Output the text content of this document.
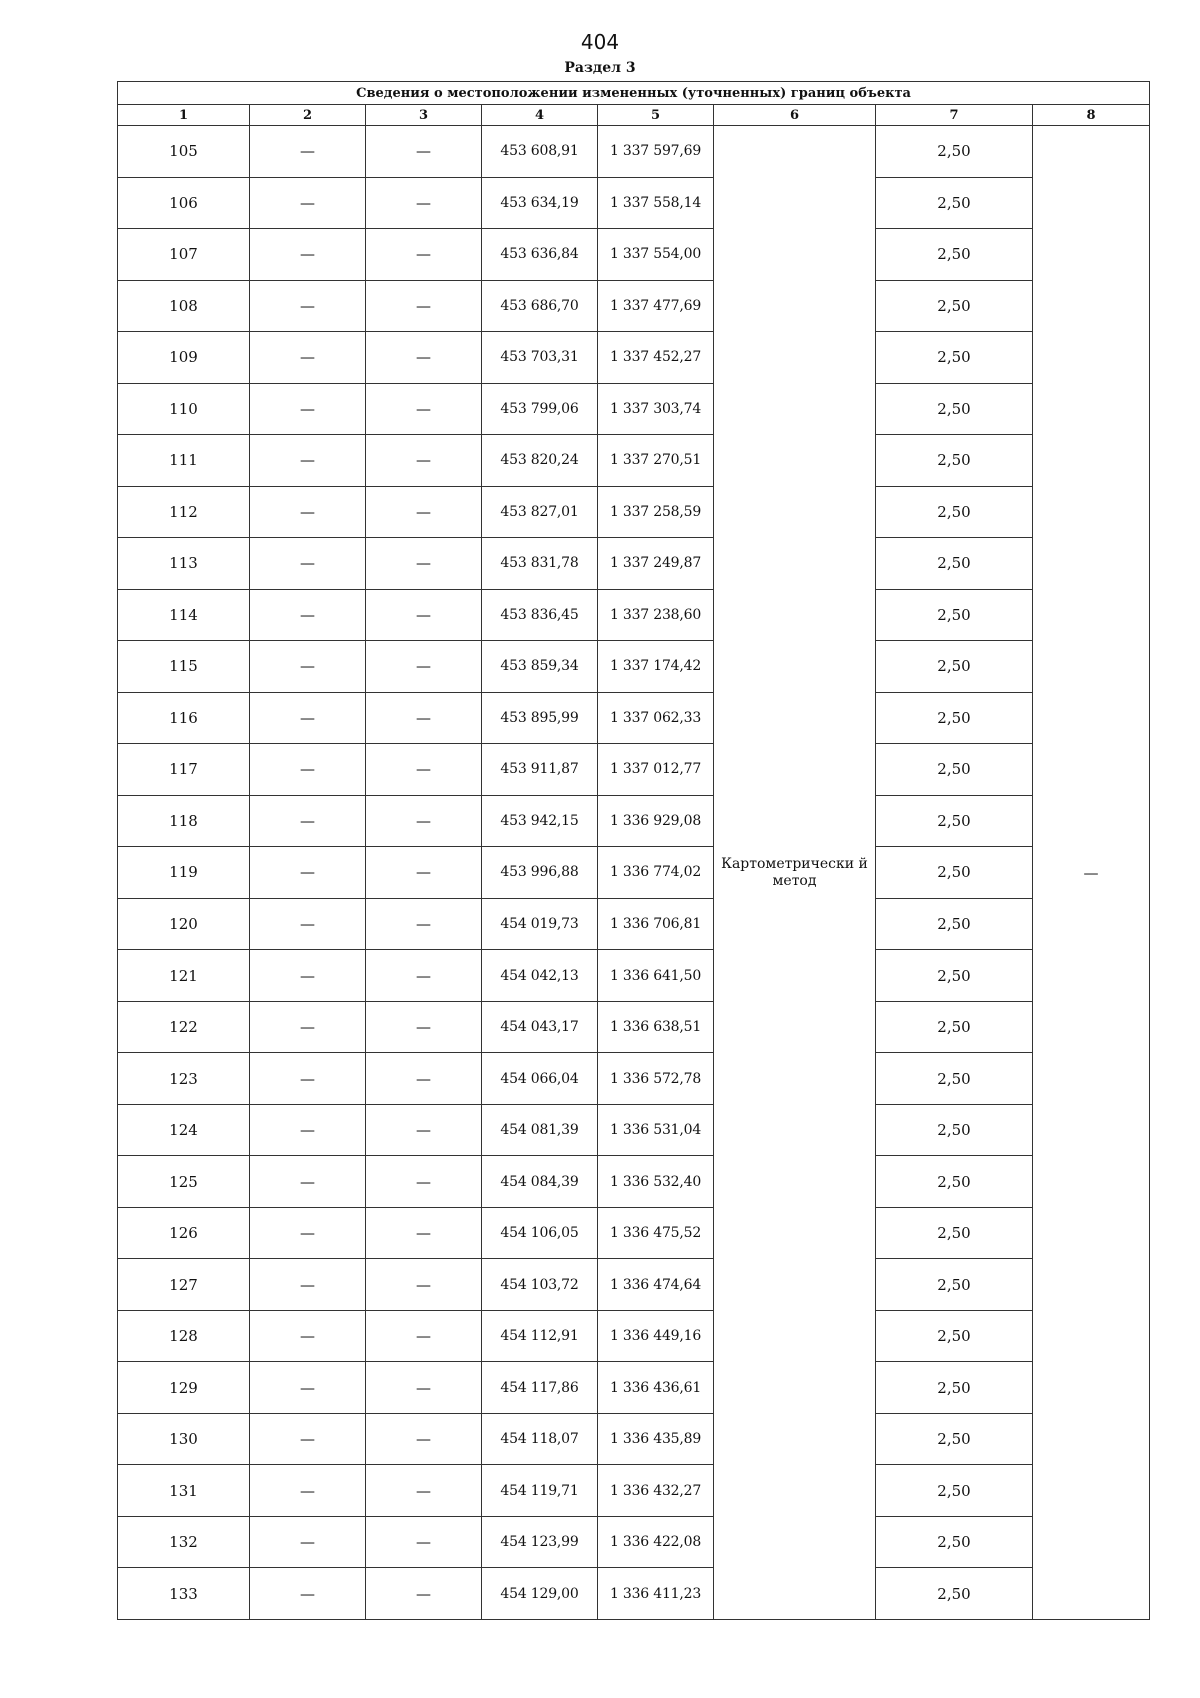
404
Раздел 3
Сведения о местоположении измененных (уточненных) границ объекта							
1	2	3	4	5	6	7	8
105	—	—	453 608,91	1 337 597,69	Картометрически й метод	2,50	—
106	—	—	453 634,19	1 337 558,14		2,50	
107	—	—	453 636,84	1 337 554,00		2,50	
108	—	—	453 686,70	1 337 477,69		2,50	
109	—	—	453 703,31	1 337 452,27		2,50	
110	—	—	453 799,06	1 337 303,74		2,50	
111	—	—	453 820,24	1 337 270,51		2,50	
112	—	—	453 827,01	1 337 258,59		2,50	
113	—	—	453 831,78	1 337 249,87		2,50	
114	—	—	453 836,45	1 337 238,60		2,50	
115	—	—	453 859,34	1 337 174,42		2,50	
116	—	—	453 895,99	1 337 062,33		2,50	
117	—	—	453 911,87	1 337 012,77		2,50	
118	—	—	453 942,15	1 336 929,08		2,50	
119	—	—	453 996,88	1 336 774,02		2,50	
120	—	—	454 019,73	1 336 706,81		2,50	
121	—	—	454 042,13	1 336 641,50		2,50	
122	—	—	454 043,17	1 336 638,51		2,50	
123	—	—	454 066,04	1 336 572,78		2,50	
124	—	—	454 081,39	1 336 531,04		2,50	
125	—	—	454 084,39	1 336 532,40		2,50	
126	—	—	454 106,05	1 336 475,52		2,50	
127	—	—	454 103,72	1 336 474,64		2,50	
128	—	—	454 112,91	1 336 449,16		2,50	
129	—	—	454 117,86	1 336 436,61		2,50	
130	—	—	454 118,07	1 336 435,89		2,50	
131	—	—	454 119,71	1 336 432,27		2,50	
132	—	—	454 123,99	1 336 422,08		2,50	
133	—	—	454 129,00	1 336 411,23		2,50	
